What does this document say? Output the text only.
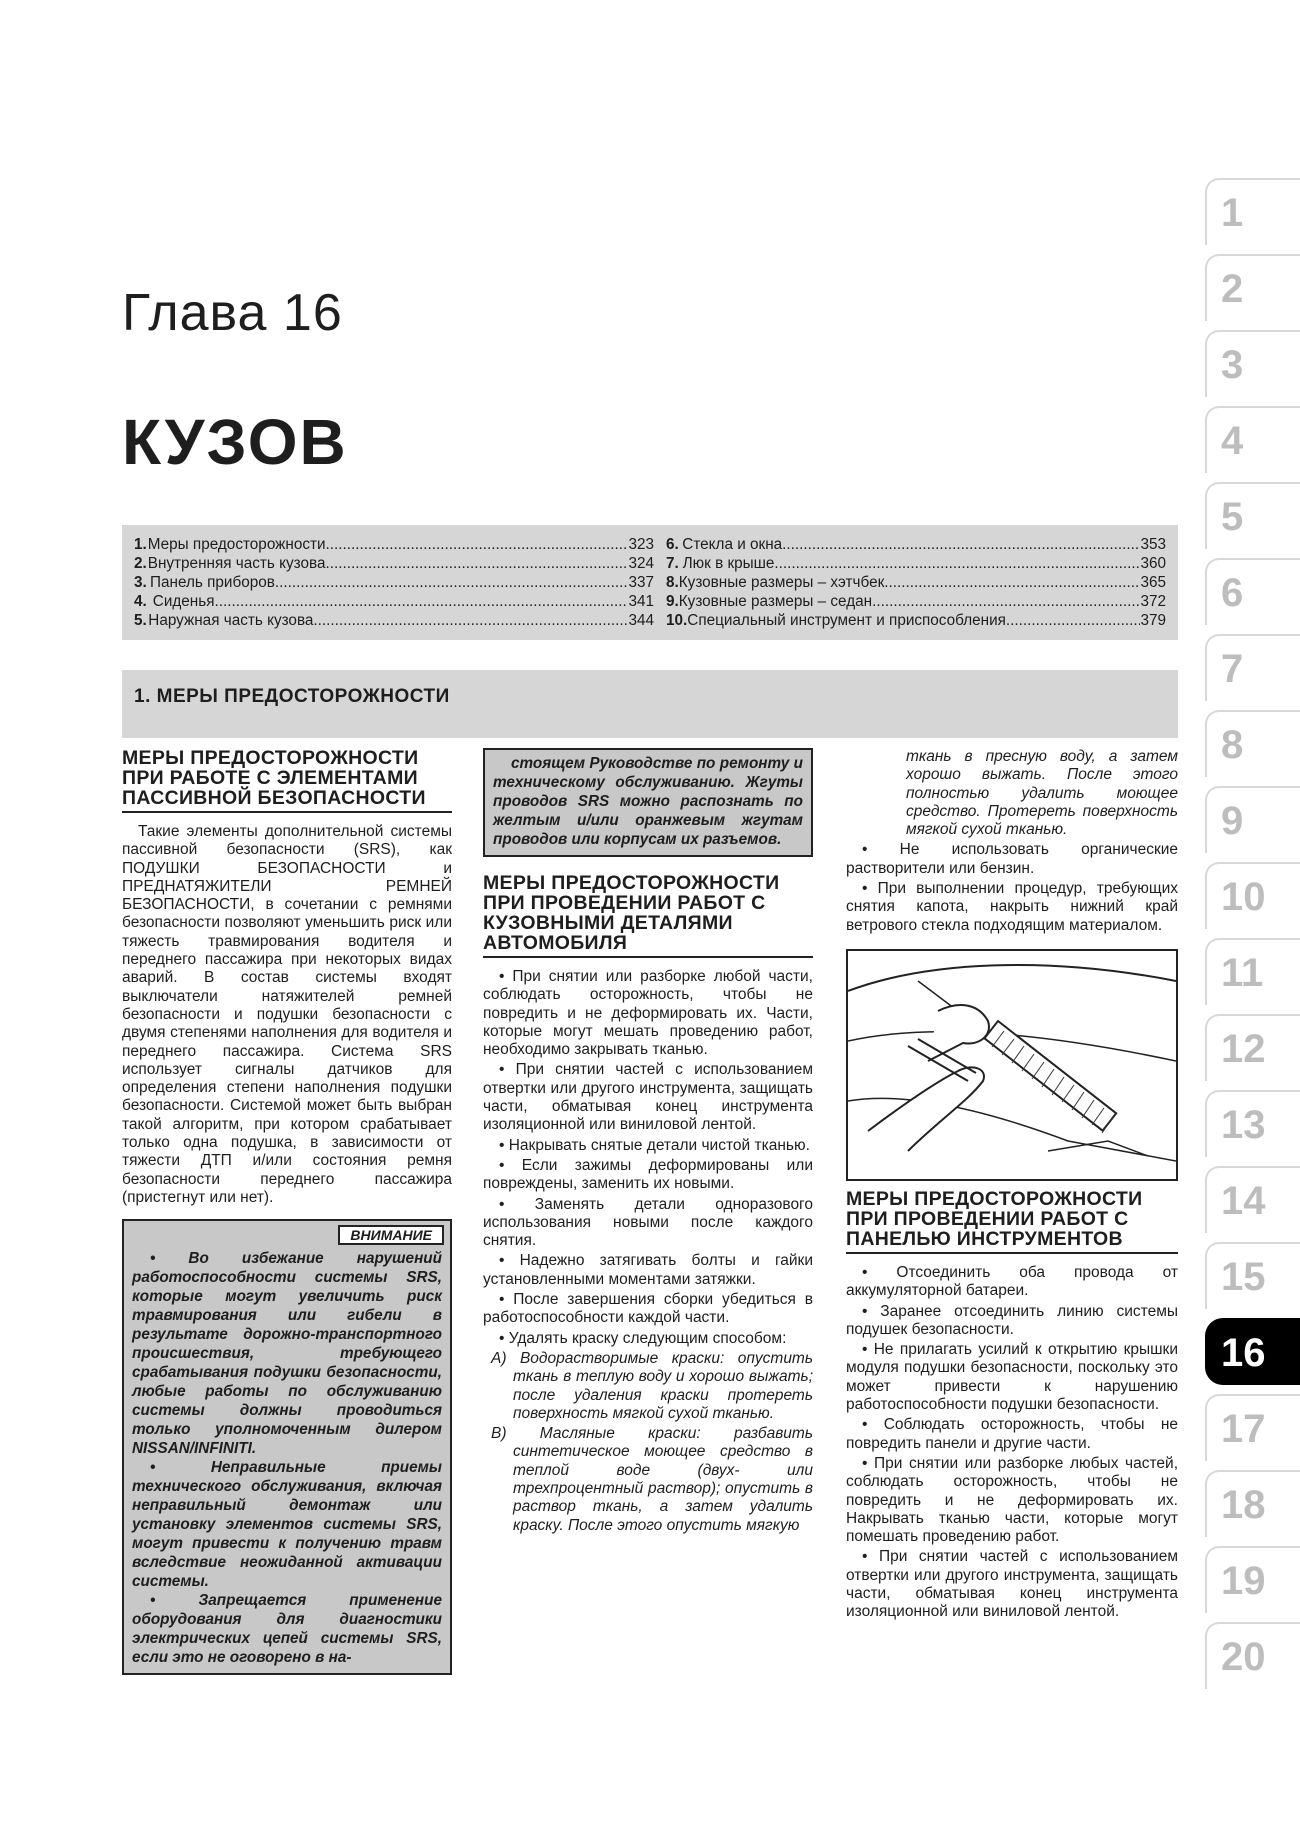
Глава 16
КУЗОВ
1. Меры предосторожности .....	323
2. Внутренняя часть кузова .....	324
3. Панель приборов .....	337
4. Сиденья .....	341
5. Наружная часть кузова .....	344
6. Стекла и окна .....	353
7. Люк в крыше .....	360
8. Кузовные размеры – хэтчбек .....	365
9. Кузовные размеры – седан .....	372
10. Специальный инструмент и приспособления .....	379
1. МЕРЫ ПРЕДОСТОРОЖНОСТИ
МЕРЫ ПРЕДОСТОРОЖНОСТИ ПРИ РАБОТЕ С ЭЛЕМЕНТАМИ ПАССИВНОЙ БЕЗОПАСНОСТИ

Такие элементы дополнительной системы пассивной безопасности (SRS), как ПОДУШКИ БЕЗОПАСНОСТИ и ПРЕДНАТЯЖИТЕЛИ РЕМНЕЙ БЕЗОПАСНОСТИ, в сочетании с ремнями безопасности позволяют уменьшить риск или тяжесть травмирования водителя и переднего пассажира при некоторых видах аварий. В состав системы входят выключатели натяжителей ремней безопасности и подушки безопасности с двумя степенями наполнения для водителя и переднего пассажира. Система SRS использует сигналы датчиков для определения степени наполнения подушки безопасности. Системой может быть выбран такой алгоритм, при котором срабатывает только одна подушка, в зависимости от тяжести ДТП и/или состояния ремня безопасности переднего пассажира (пристегнут или нет).

ВНИМАНИЕ

• Во избежание нарушений работоспособности системы SRS, которые могут увеличить риск травмирования или гибели в результате дорожно-транспортного происшествия, требующего срабатывания подушки безопасности, любые работы по обслуживанию системы должны проводиться только уполномоченным дилером NISSAN/INFINITI.

• Неправильные приемы технического обслуживания, включая неправильный демонтаж или установку элементов системы SRS, могут привести к получению травм вследствие неожиданной активации системы.

• Запрещается применение оборудования для диагностики электрических цепей системы SRS, если это не оговорено в на-

стоящем Руководстве по ремонту и техническому обслуживанию. Жгуты проводов SRS можно распознать по желтым и/или оранжевым жгутам проводов или корпусам их разъемов.

МЕРЫ ПРЕДОСТОРОЖНОСТИ ПРИ ПРОВЕДЕНИИ РАБОТ С КУЗОВНЫМИ ДЕТАЛЯМИ АВТОМОБИЛЯ

• При снятии или разборке любой части, соблюдать осторожность, чтобы не повредить и не деформировать их. Части, которые могут мешать проведению работ, необходимо закрывать тканью.

• При снятии частей с использованием отвертки или другого инструмента, защищать части, обматывая конец инструмента изоляционной или виниловой лентой.

• Накрывать снятые детали чистой тканью.

• Если зажимы деформированы или повреждены, заменить их новыми.

• Заменять детали одноразового использования новыми после каждого снятия.

• Надежно затягивать болты и гайки установленными моментами затяжки.

• После завершения сборки убедиться в работоспособности каждой части.

• Удалять краску следующим способом:

А) Водорастворимые краски: опустить ткань в теплую воду и хорошо выжать; после удаления краски протереть поверхность мягкой сухой тканью.

В) Масляные краски: разбавить синтетическое моющее средство в теплой воде (двух- или трехпроцентный раствор); опустить в раствор ткань, а затем удалить краску. После этого опустить мягкую

ткань в пресную воду, а затем хорошо выжать. После этого полностью удалить моющее средство. Протереть поверхность мягкой сухой тканью.

• Не использовать органические растворители или бензин.

• При выполнении процедур, требующих снятия капота, накрыть нижний край ветрового стекла подходящим материалом.

МЕРЫ ПРЕДОСТОРОЖНОСТИ ПРИ ПРОВЕДЕНИИ РАБОТ С ПАНЕЛЬЮ ИНСТРУМЕНТОВ

• Отсоединить оба провода от аккумуляторной батареи.

• Заранее отсоединить линию системы подушек безопасности.

• Не прилагать усилий к открытию крышки модуля подушки безопасности, поскольку это может привести к нарушению работоспособности подушки безопасности.

• Соблюдать осторожность, чтобы не повредить панели и другие части.

• При снятии или разборке любых частей, соблюдать осторожность, чтобы не повредить и не деформировать их. Накрывать тканью части, которые могут помешать проведению работ.

• При снятии частей с использованием отвертки или другого инструмента, защищать части, обматывая конец инструмента изоляционной или виниловой лентой.

1
2
3
4
5
6
7
8
9
10
11
12
13
14
15
16
17
18
19
20
